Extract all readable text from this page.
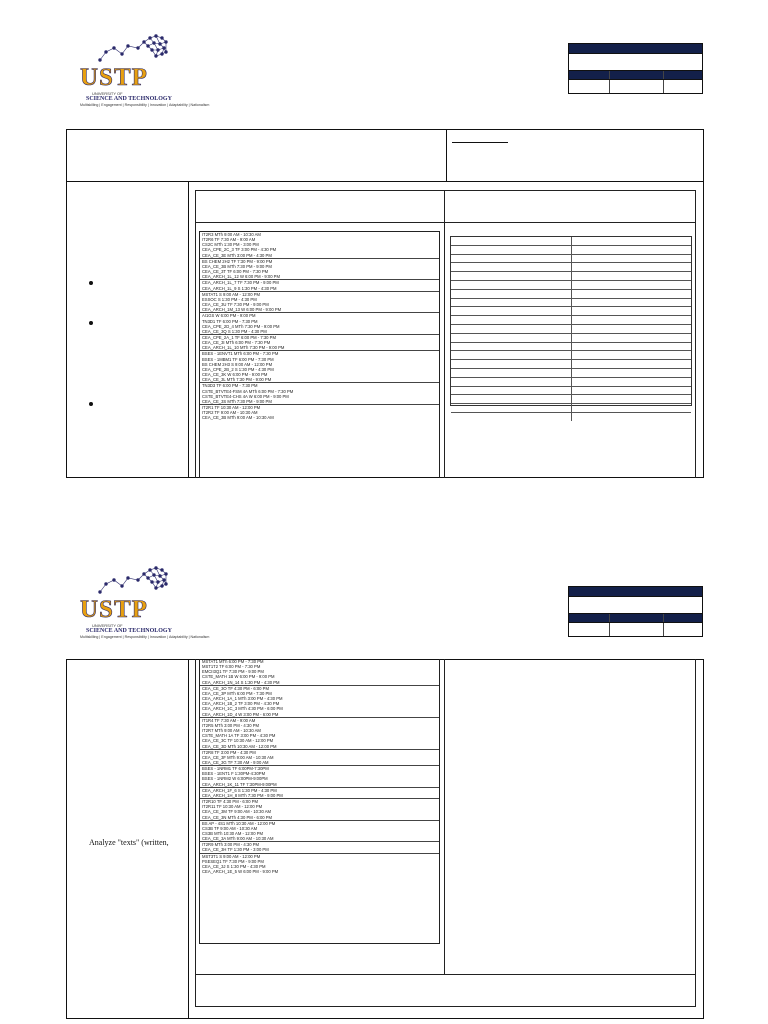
USTP
UNIVERSITY OF
SCIENCE AND TECHNOLOGY
Multiskilling | Engagement | Responsibility | Innovation | Adaptability | Nationalism
IT2R3 MTh 9:00 AM - 10:30 AM
IT2R6 TF 7:30 AM - 9:00 AM
CS2C MTh 1:30 PM - 3:00 PM
CEA_CPE_2C_3 TF 3:00 PM - 4:30 PM
CEA_CE_3E MTh 3:00 PM - 4:30 PM
BS CHEM 2H2 TF 7:30 PM - 9:00 PM
CEA_CE_3B MTh 7:30 PM - 9:00 PM
CEA_CE_3T TF 6:00 PM - 7:30 PM
CEA_ARCH_1L_12 W 6:00 PM - 9:00 PM
CEA_ARCH_1L_7 TF 7:30 PM - 9:00 PM
CEA_ARCH_1L_9 S 1:30 PM - 4:30 PM
MSTAT1 S 9:00 AM - 12:00 PM
ESSOC S 1:30 PM - 4:30 PM
CEA_CE_3U TF 7:30 PM - 9:00 PM
CEA_ARCH_1M_13 W 6:00 PM - 9:00 PM
AI1GS W 6:00 PM - 9:00 PM
TN3D1 TF 6:00 PM - 7:30 PM
CEA_CPE_2D_4 MTh 7:30 PM - 9:00 PM
CEA_CE_3Q S 1:30 PM - 4:30 PM
CEA_CPE_2A_1 TF 6:00 PM - 7:30 PM
CEA_CE_3I MTh 6:00 PM - 7:30 PM
CEA_ARCH_1L_10 MTh 7:30 PM - 9:00 PM
BSES - 1ENVT1 MTh 6:00 PM - 7:30 PM
BSES - 1MBM1 TF 6:00 PM - 7:30 PM
BS CHEM 2H3 S 9:00 AM - 12:00 PM
CEA_CPE_2B_2 S 1:30 PM - 4:30 PM
CEA_CE_3K W 6:00 PM - 9:00 PM
CEA_CE_3L MTh 7:30 PM - 9:00 PM
TN3D3 TF 6:00 PM - 7:30 PM
CSTE_BTVTE4-FSM 4A MTh 6:00 PM - 7:30 PM
CSTE_BTVTE4-CHS 4A W 6:00 PM - 9:00 PM
CEA_CE_3S MTh 7:30 PM - 9:00 PM
IT2R1 TF 10:30 AM - 12:00 PM
IT2R2 TF 9:00 AM - 10:30 AM
CEA_CE_3B MTh 9:00 AM - 10:30 AM
USTP
UNIVERSITY OF
SCIENCE AND TECHNOLOGY
Multiskilling | Engagement | Responsibility | Innovation | Adaptability | Nationalism
Analyze "texts" (written,
MSTAT1 MTh 6:00 PM - 7:30 PM
MST1T2 TF 6:00 PM - 7:30 PM
EMCII3Q1 TF 7:30 PM - 9:00 PM
CSTE_MATH 1B W 6:00 PM - 9:00 PM
CEA_ARCH_1N_14 S 1:30 PM - 4:30 PM
CEA_CE_3O TF 4:30 PM - 6:00 PM
CEA_CE_3P MTh 6:00 PM - 7:30 PM
CEA_ARCH_1A_1 MTh 3:00 PM - 4:30 PM
CEA_ARCH_1B_2 TF 3:00 PM - 4:30 PM
CEA_ARCH_1C_3 MTh 4:30 PM - 6:00 PM
CEA_ARCH_1D_4 W 3:00 PM - 6:00 PM
IT1R4 TF 7:30 AM - 9:00 AM
IT2R5 MTh 3:00 PM - 4:30 PM
IT2R7 MTh 9:00 AM - 10:30 AM
CSTE_MATH 1A TF 3:00 PM - 4:30 PM
CEA_CE_3C TF 10:30 AM - 12:00 PM
CEA_CE_3D MTh 10:30 AM - 12:00 PM
IT2R8 TF 3:00 PM - 4:30 PM
CEA_CE_3F MTh 9:00 AM - 10:30 AM
CEA_CE_3G TF 7:30 AM - 9:00 AM
BSES - 1NRM1 TF 6:00PM-7:30PM
BSES - 1ENT1 F 1:30PM-4:30PM
BSES - 1NRM2 W 6:00PM-9:00PM
CEA_ARCH_1K_11 TF 7:30PM-9:00PM
CEA_ARCH_1F_6 S 1:30 PM - 4:30 PM
CEA_ARCH_1H_8 MTh 7:30 PM - 9:00 PM
IT2R10 TF 4:30 PM - 6:00 PM
IT2R11 TF 10:30 AM - 12:00 PM
CEA_CE_3M TF 9:00 AM - 10:30 AM
CEA_CE_3N MTh 4:30 PM - 6:00 PM
BS AP - 4S1 MTh 10:30 AM - 12:00 PM
CS3B TF 9:00 AM - 10:30 AM
CS3B MTh 10:30 AM - 12:00 PM
CEA_CE_3A MTh 9:00 AM - 10:30 AM
IT2R9 MTh 3:00 PM - 4:30 PM
CEA_CE_3H TF 1:30 PM - 3:00 PM
MST3T1 S 9:00 AM - 12:00 PM
PSESEQ1 TF 7:30 PM - 9:00 PM
CEA_CE_3J S 1:30 PM - 4:30 PM
CEA_ARCH_1E_5 W 6:00 PM - 9:00 PM
